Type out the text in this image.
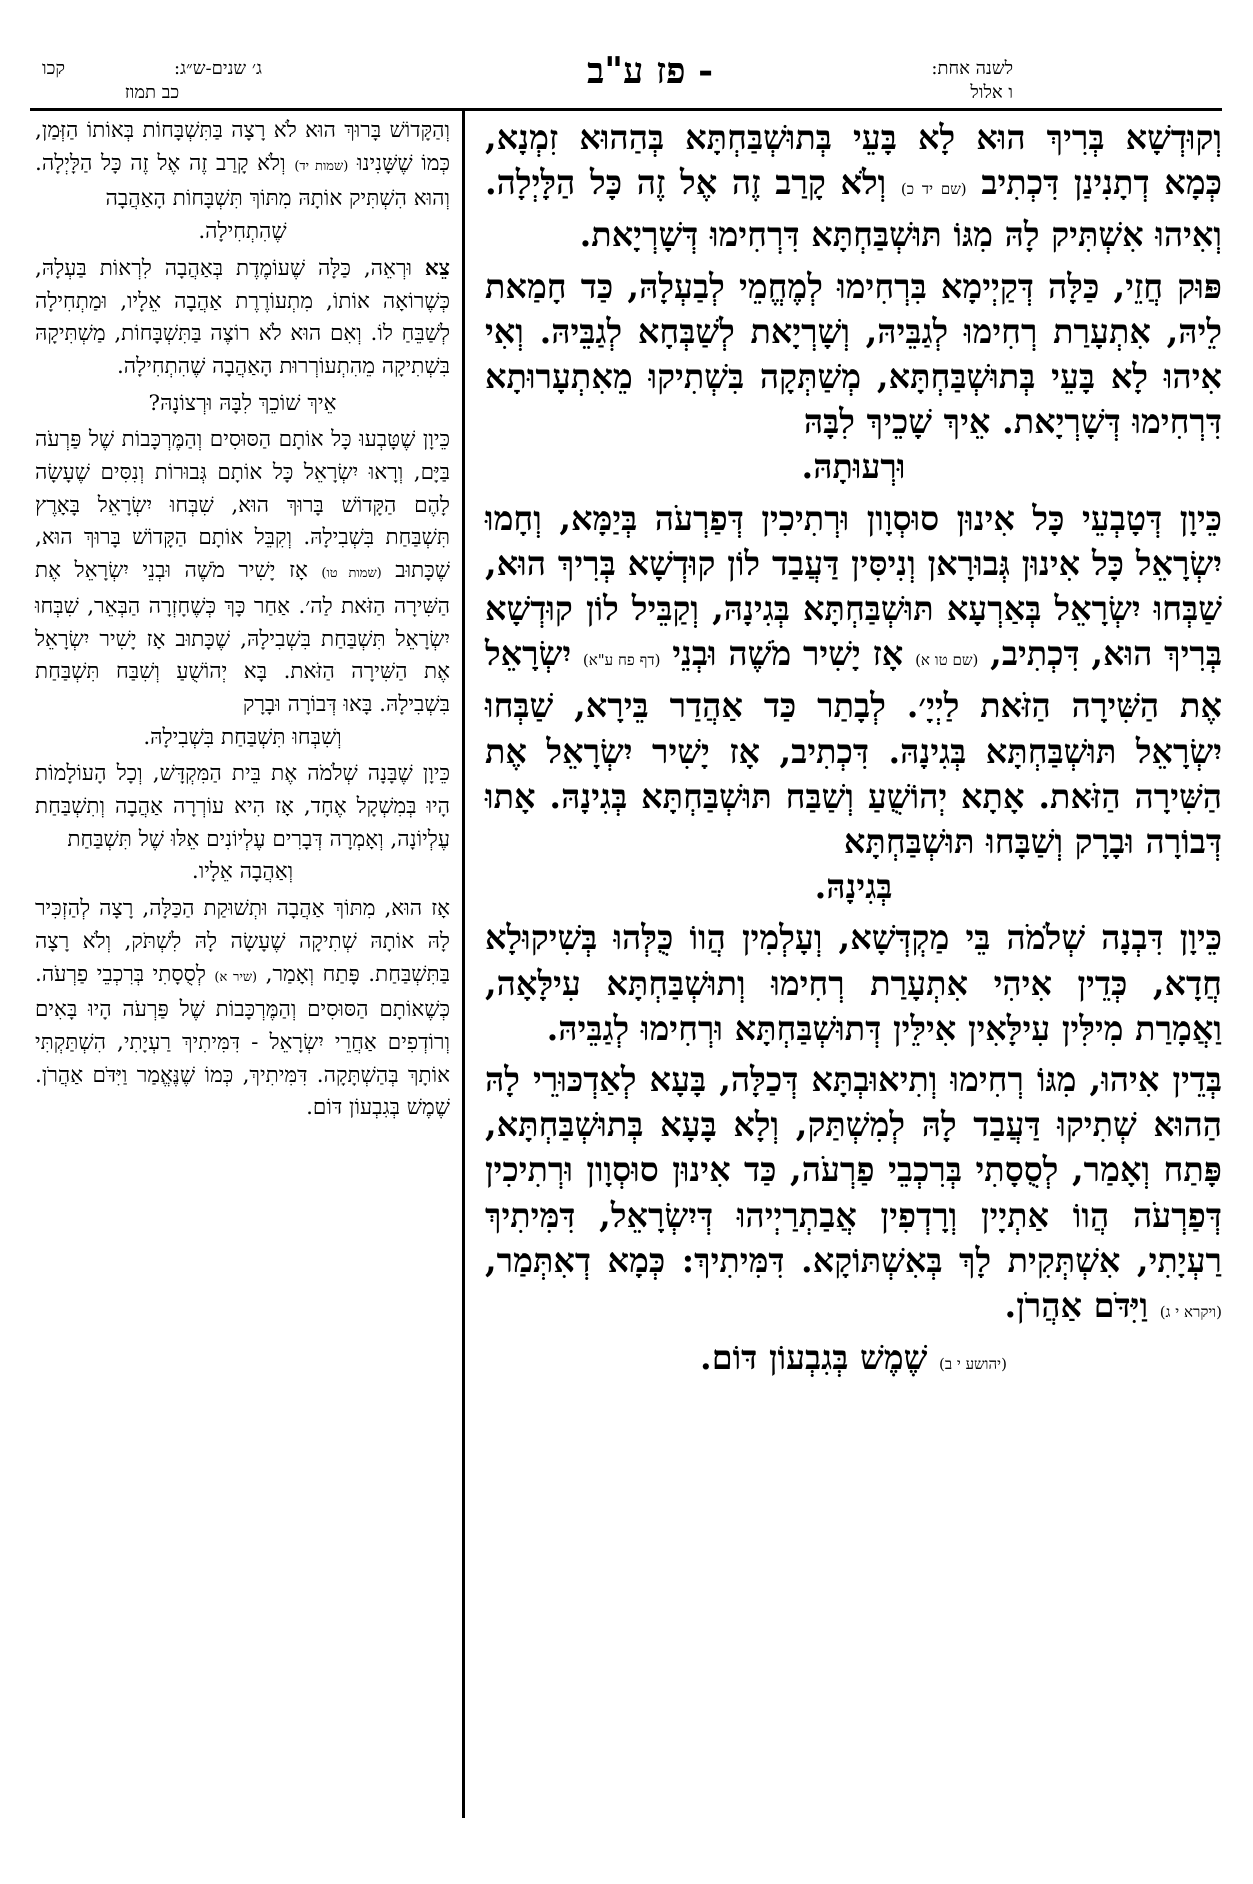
ג׳ שנים-ש״ג:
קכו
כב תמוז
- פז ע"ב	לשנה אחת:
ו אלול

וְקוּדְשָׁא בְּרִיךְ הוּא לָא בָּעֵי בְּתוּשְׁבַּחְתָּא בְּהַהוּא זִמְנָא, כְּמָא דְתָנִינַן דִּכְתִיב (שם יד כ) וְלֹא קָרַב זֶה אֶל זֶה כָּל הַלָּיְלָה. וְאִיהוּ אִשְׁתִּיק לָהּ מִגּוֹ תּוּשְׁבַּחְתָּא דִּרְחִימוּ דְּשָׁרְיָאת.

פּוּק חֲזֵי, כַּלָּה דְּקַיְימָא בִּרְחִימוּ לְמֶחֱמֵי לְבַעְלָהּ, כַּד חָמַאת לֵיהּ, אִתְעָרַת רְחִימוּ לְגַבֵּיהּ, וְשָׁרְיָאת לְשַׁבְּחָא לְגַבֵּיהּ. וְאִי אִיהוּ לָא בָּעֵי בְּתוּשְׁבַּחְתָּא, מְשַׁתְּקָה בִּשְׁתִיקוּ מֵאִתְעָרוּתָא דִּרְחִימוּ דְּשָׁרְיָאת. אֵיךְ שָׁכֵיךְ לִבָּהּ
וּרְעוּתָהּ.

כֵּיוָן דְּטָבְעֵי כָּל אִינוּן סוּסְוָון וּרְתִיכִין דְּפַרְעֹה בְּיַמָּא, וְחָמוּ יִשְׂרָאֵל כָּל אִינוּן גְּבוּרָאן וְנִיסִּין דַּעֲבַד לוֹן קוּדְשָׁא בְּרִיךְ הוּא, שַׁבְּחוּ יִשְׂרָאֵל בְּאַרְעָא תּוּשְׁבַּחְתָּא בְּגִינָהּ, וְקַבֵּיל לוֹן קוּדְשָׁא בְּרִיךְ הוּא, דִּכְתִיב, (שם טו א) אָז יָשִׁיר מֹשֶׁה וּבְנֵי (דף פח ע"א) יִשְׂרָאֵל אֶת הַשִּׁירָה הַזֹּאת לַיְיָ׳. לְבָתַר כַּד אַהֲדַר בֵּירָא, שַׁבְּחוּ יִשְׂרָאֵל תּוּשְׁבַּחְתָּא בְּגִינָהּ. דִּכְתִיב, אָז יָשִׁיר יִשְׂרָאֵל אֶת הַשִּׁירָה הַזֹּאת. אָתָא יְהוֹשֻׁעַ וְשַׁבַּח תּוּשְׁבַּחְתָּא בְּגִינָהּ. אָתוּ דְּבוֹרָה וּבָרָק וְשַׁבָּחוּ תּוּשְׁבַּחְתָּא
בְּגִינָהּ.

כֵּיוָן דִּבְנָה שְׁלֹמֹה בֵּי מַקְדְּשָׁא, וְעָלְמִין הֲווֹ כֻּלְּהוּ בְּשִׁיקוּלָא חֲדָא, כְּדֵין אִיהִי אִתְעָרַת רְחִימוּ וְתוּשְׁבַּחְתָּא עִילָּאָה, וַאֲמָרַת מִילִּין עִילָּאִין אִילֵּין דְּתוּשְׁבַּחְתָּא וּרְחִימוּ לְגַבֵּיהּ.

בְּדֵין אִיהוּ, מִגּוֹ רְחִימוּ וְתִיאוּבְתָּא דְּכַלָּה, בָּעָא לְאַדְכּוּרֵי לָהּ הַהוּא שְׁתִיקוּ דַּעֲבַד לָהּ לְמִשְׁתַּק, וְלָא בָּעָא בְּתוּשְׁבַּחְתָּא, פָּתַח וְאָמַר, לְסֻסָתִי בְּרִכְבֵי פַרְעֹה, כַּד אִינוּן סוּסְוָון וּרְתִיכִין דְּפַרְעֹה הֲווֹ אַתְיָין וְרָדְפִין אֲבַתְרַיְיהוּ דְּיִשְׂרָאֵל, דִּמִּיתִיךְ רַעְיָתִי, אִשְׁתְּקִית לָךְ בְּאִשְׁתּוֹקָא. דִּמִּיתִיךְ: כְּמָא דְאִתְּמַר, (ויקרא י ג) וַיִּדֹּם אַהֲרֹן.
(יהושע י ב) שֶׁמֶשׁ בְּגִבְעוֹן דּוֹם.

וְהַקָּדוֹשׁ בָּרוּךְ הוּא לֹא רָצָה בַּתִּשְׁבָּחוֹת בְּאוֹתוֹ הַזְּמַן, כְּמוֹ שֶׁשָּׁנִינוּ (שמות יד) וְלֹא קָרַב זֶה אֶל זֶה כָּל הַלָּיְלָה. וְהוּא הִשְׁתִּיק אוֹתָהּ מִתּוֹךְ תִּשְׁבָּחוֹת הָאַהֲבָה
שֶׁהִתְחִילָה.

צֵא וּרְאֵה, כַּלָּה שֶׁעוֹמֶדֶת בְּאַהֲבָה לִרְאוֹת בַּעְלָהּ, כְּשֶׁרוֹאָה אוֹתוֹ, מִתְעוֹרֶרֶת אַהֲבָה אֵלָיו, וּמַתְחִילָה לְשַׁבֵּחַ לוֹ. וְאִם הוּא לֹא רוֹצֶה בַּתִּשְׁבָּחוֹת, מַשְׁתִּיקָהּ בִּשְׁתִיקָה מֵהִתְעוֹרְרוּת הָאַהֲבָה שֶׁהִתְחִילָה.

אֵיךְ שׁוֹכֵךְ לִבָּהּ וּרְצוֹנָהּ?

כֵּיוָן שֶׁטָּבְעוּ כָּל אוֹתָם הַסּוּסִים וְהַמֶּרְכָּבוֹת שֶׁל פַּרְעֹה בַּיָּם, וְרָאוּ יִשְׂרָאֵל כָּל אוֹתָם גְּבוּרוֹת וְנִסִּים שֶׁעָשָׂה לָהֶם הַקָּדוֹשׁ בָּרוּךְ הוּא, שִׁבְּחוּ יִשְׂרָאֵל בָּאָרֶץ תִּשְׁבַּחַת בִּשְׁבִילָהּ. וְקִבֵּל אוֹתָם הַקָּדוֹשׁ בָּרוּךְ הוּא, שֶׁכָּתוּב (שמות טו) אָז יָשִׁיר מֹשֶׁה וּבְנֵי יִשְׂרָאֵל אֶת הַשִּׁירָה הַזֹּאת לַה׳. אַחַר כָּךְ כְּשֶׁחָזְרָה הַבְּאֵר, שִׁבְּחוּ יִשְׂרָאֵל תִּשְׁבַּחַת בִּשְׁבִילָהּ, שֶׁכָּתוּב אָז יָשִׁיר יִשְׂרָאֵל אֶת הַשִּׁירָה הַזֹּאת. בָּא יְהוֹשֻׁעַ וְשִׁבַּח תִּשְׁבַּחַת בִּשְׁבִילָהּ. בָּאוּ דְּבוֹרָה וּבָרָק
וְשִׁבְּחוּ תִּשְׁבַּחַת בִּשְׁבִילָהּ.

כֵּיוָן שֶׁבָּנָה שְׁלֹמֹה אֶת בֵּית הַמִּקְדָּשׁ, וְכָל הָעוֹלָמוֹת הָיוּ בְּמִשְׁקָל אֶחָד, אָז הִיא עוֹרְרָה אַהֲבָה וְתִשְׁבַּחַת עֶלְיוֹנָה, וְאָמְרָה דְּבָרִים עֶלְיוֹנִים אֵלּוּ שֶׁל תִּשְׁבַּחַת
וְאַהֲבָה אֵלָיו.

אָז הוּא, מִתּוֹךְ אַהֲבָה וּתְשׁוּקַת הַכַּלָּה, רָצָה לְהַזְכִּיר לָהּ אוֹתָהּ שְׁתִיקָה שֶׁעָשָׂה לָהּ לִשְׁתֹּק, וְלֹא רָצָה בַּתִּשְׁבַּחַת. פָּתַח וְאָמַר, (שיר א) לְסֻסָתִי בְּרִכְבֵי פַרְעֹה. כְּשֶׁאוֹתָם הַסּוּסִים וְהַמֶּרְכָּבוֹת שֶׁל פַּרְעֹה הָיוּ בָּאִים וְרוֹדְפִים אַחֲרֵי יִשְׂרָאֵל - דִּמִּיתִיךְ רַעְיָתִי, הִשְׁתַּקְתִּי אוֹתָךְ בְּהַשְׁתָּקָה. דִּמִּיתִיךְ, כְּמוֹ שֶׁנֶּאֱמַר וַיִּדֹּם אַהֲרֹן. שֶׁמֶשׁ בְּגִבְעוֹן דּוֹם.
